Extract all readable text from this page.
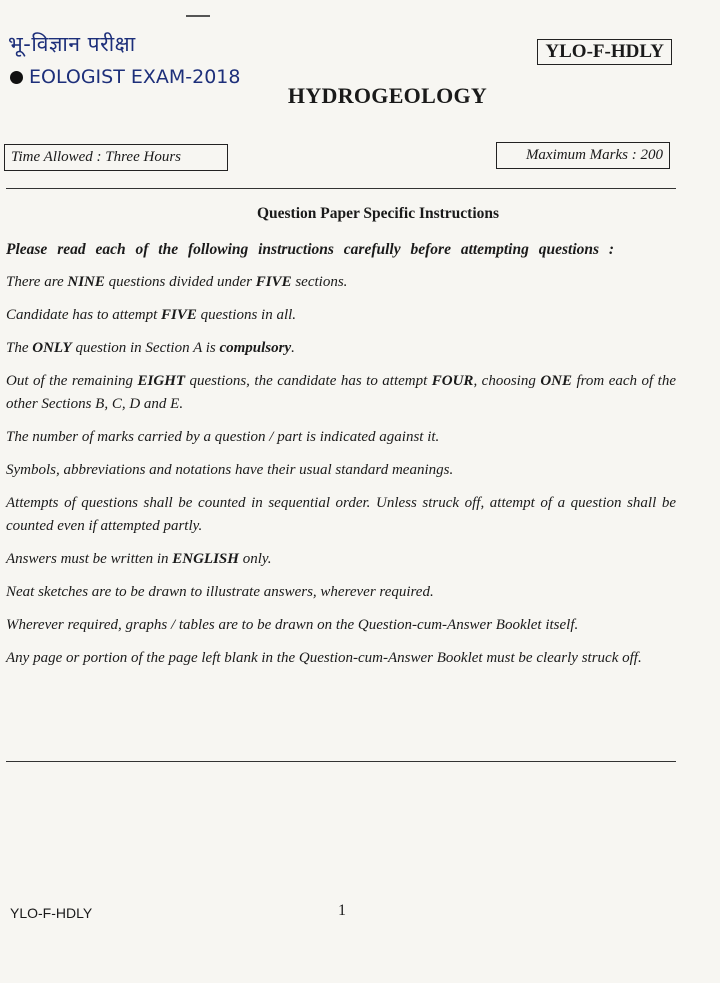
भू-विज्ञान परीक्षा
EOLOGIST EXAM-2018
YLO-F-HDLY
HYDROGEOLOGY
Time Allowed : Three Hours	Maximum Marks : 200
Question Paper Specific Instructions

Please read each of the following instructions carefully before attempting questions :

There are NINE questions divided under FIVE sections.

Candidate has to attempt FIVE questions in all.

The ONLY question in Section A is compulsory.

Out of the remaining EIGHT questions, the candidate has to attempt FOUR, choosing ONE from each of the other Sections B, C, D and E.

The number of marks carried by a question / part is indicated against it.

Symbols, abbreviations and notations have their usual standard meanings.

Attempts of questions shall be counted in sequential order. Unless struck off, attempt of a question shall be counted even if attempted partly.

Answers must be written in ENGLISH only.

Neat sketches are to be drawn to illustrate answers, wherever required.

Wherever required, graphs / tables are to be drawn on the Question-cum-Answer Booklet itself.

Any page or portion of the page left blank in the Question-cum-Answer Booklet must be clearly struck off.

YLO-F-HDLY	1
